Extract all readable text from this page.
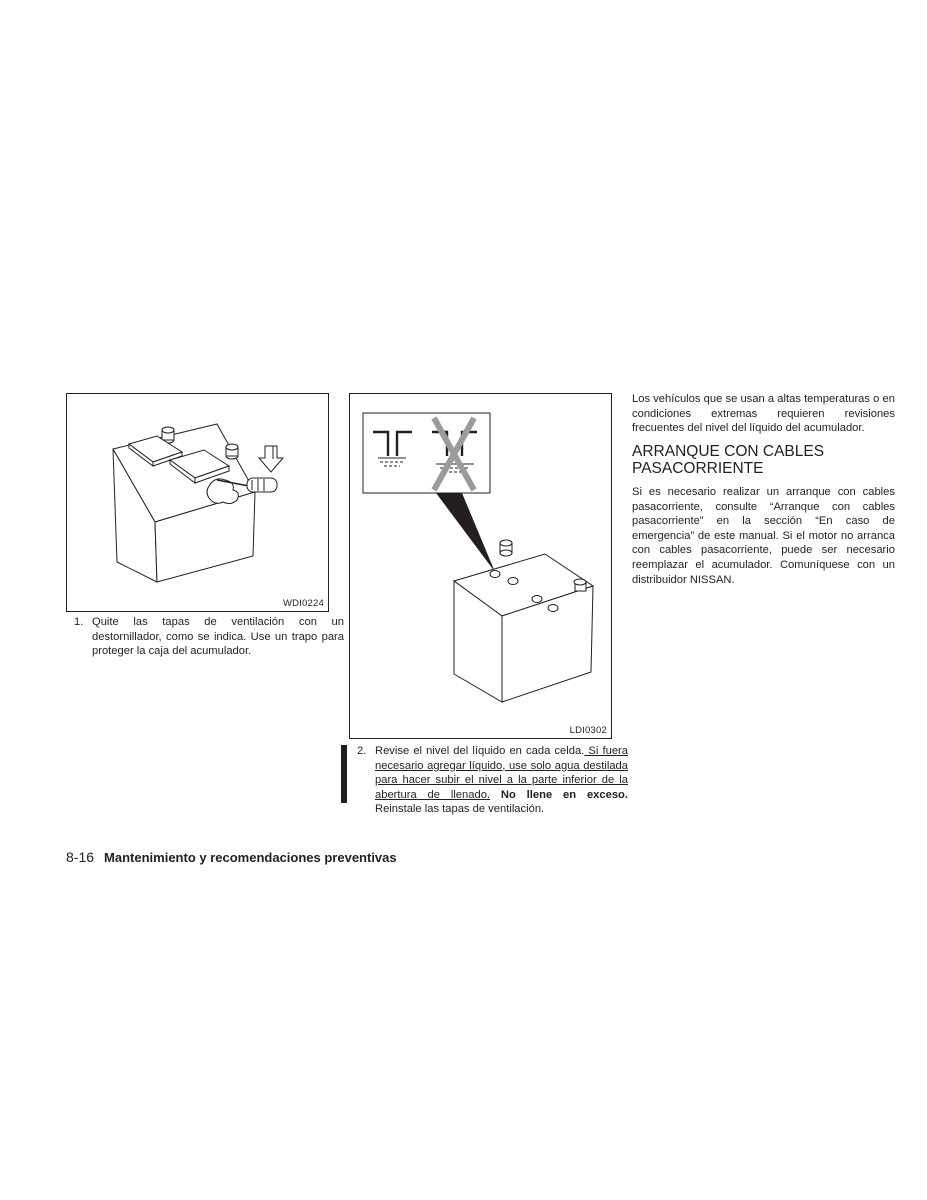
WDI0224

1. Quite las tapas de ventilación con un destornillador, como se indica. Use un trapo para proteger la caja del acumulador.

LDI0302

2. Revise el nivel del líquido en cada celda. Si fuera necesario agregar líquido, use solo agua destilada para hacer subir el nivel a la parte inferior de la abertura de llenado. No llene en exceso. Reinstale las tapas de ventilación.

Los vehículos que se usan a altas temperaturas o en condiciones extremas requieren revisiones frecuentes del nivel del líquido del acumulador.

ARRANQUE CON CABLES
PASACORRIENTE

Si es necesario realizar un arranque con cables pasacorriente, consulte “Arranque con cables pasacorriente” en la sección “En caso de emergencia” de este manual. Si el motor no arranca con cables pasacorriente, puede ser necesario reemplazar el acumulador. Comuníquese con un distribuidor NISSAN.

8-16 Mantenimiento y recomendaciones preventivas
